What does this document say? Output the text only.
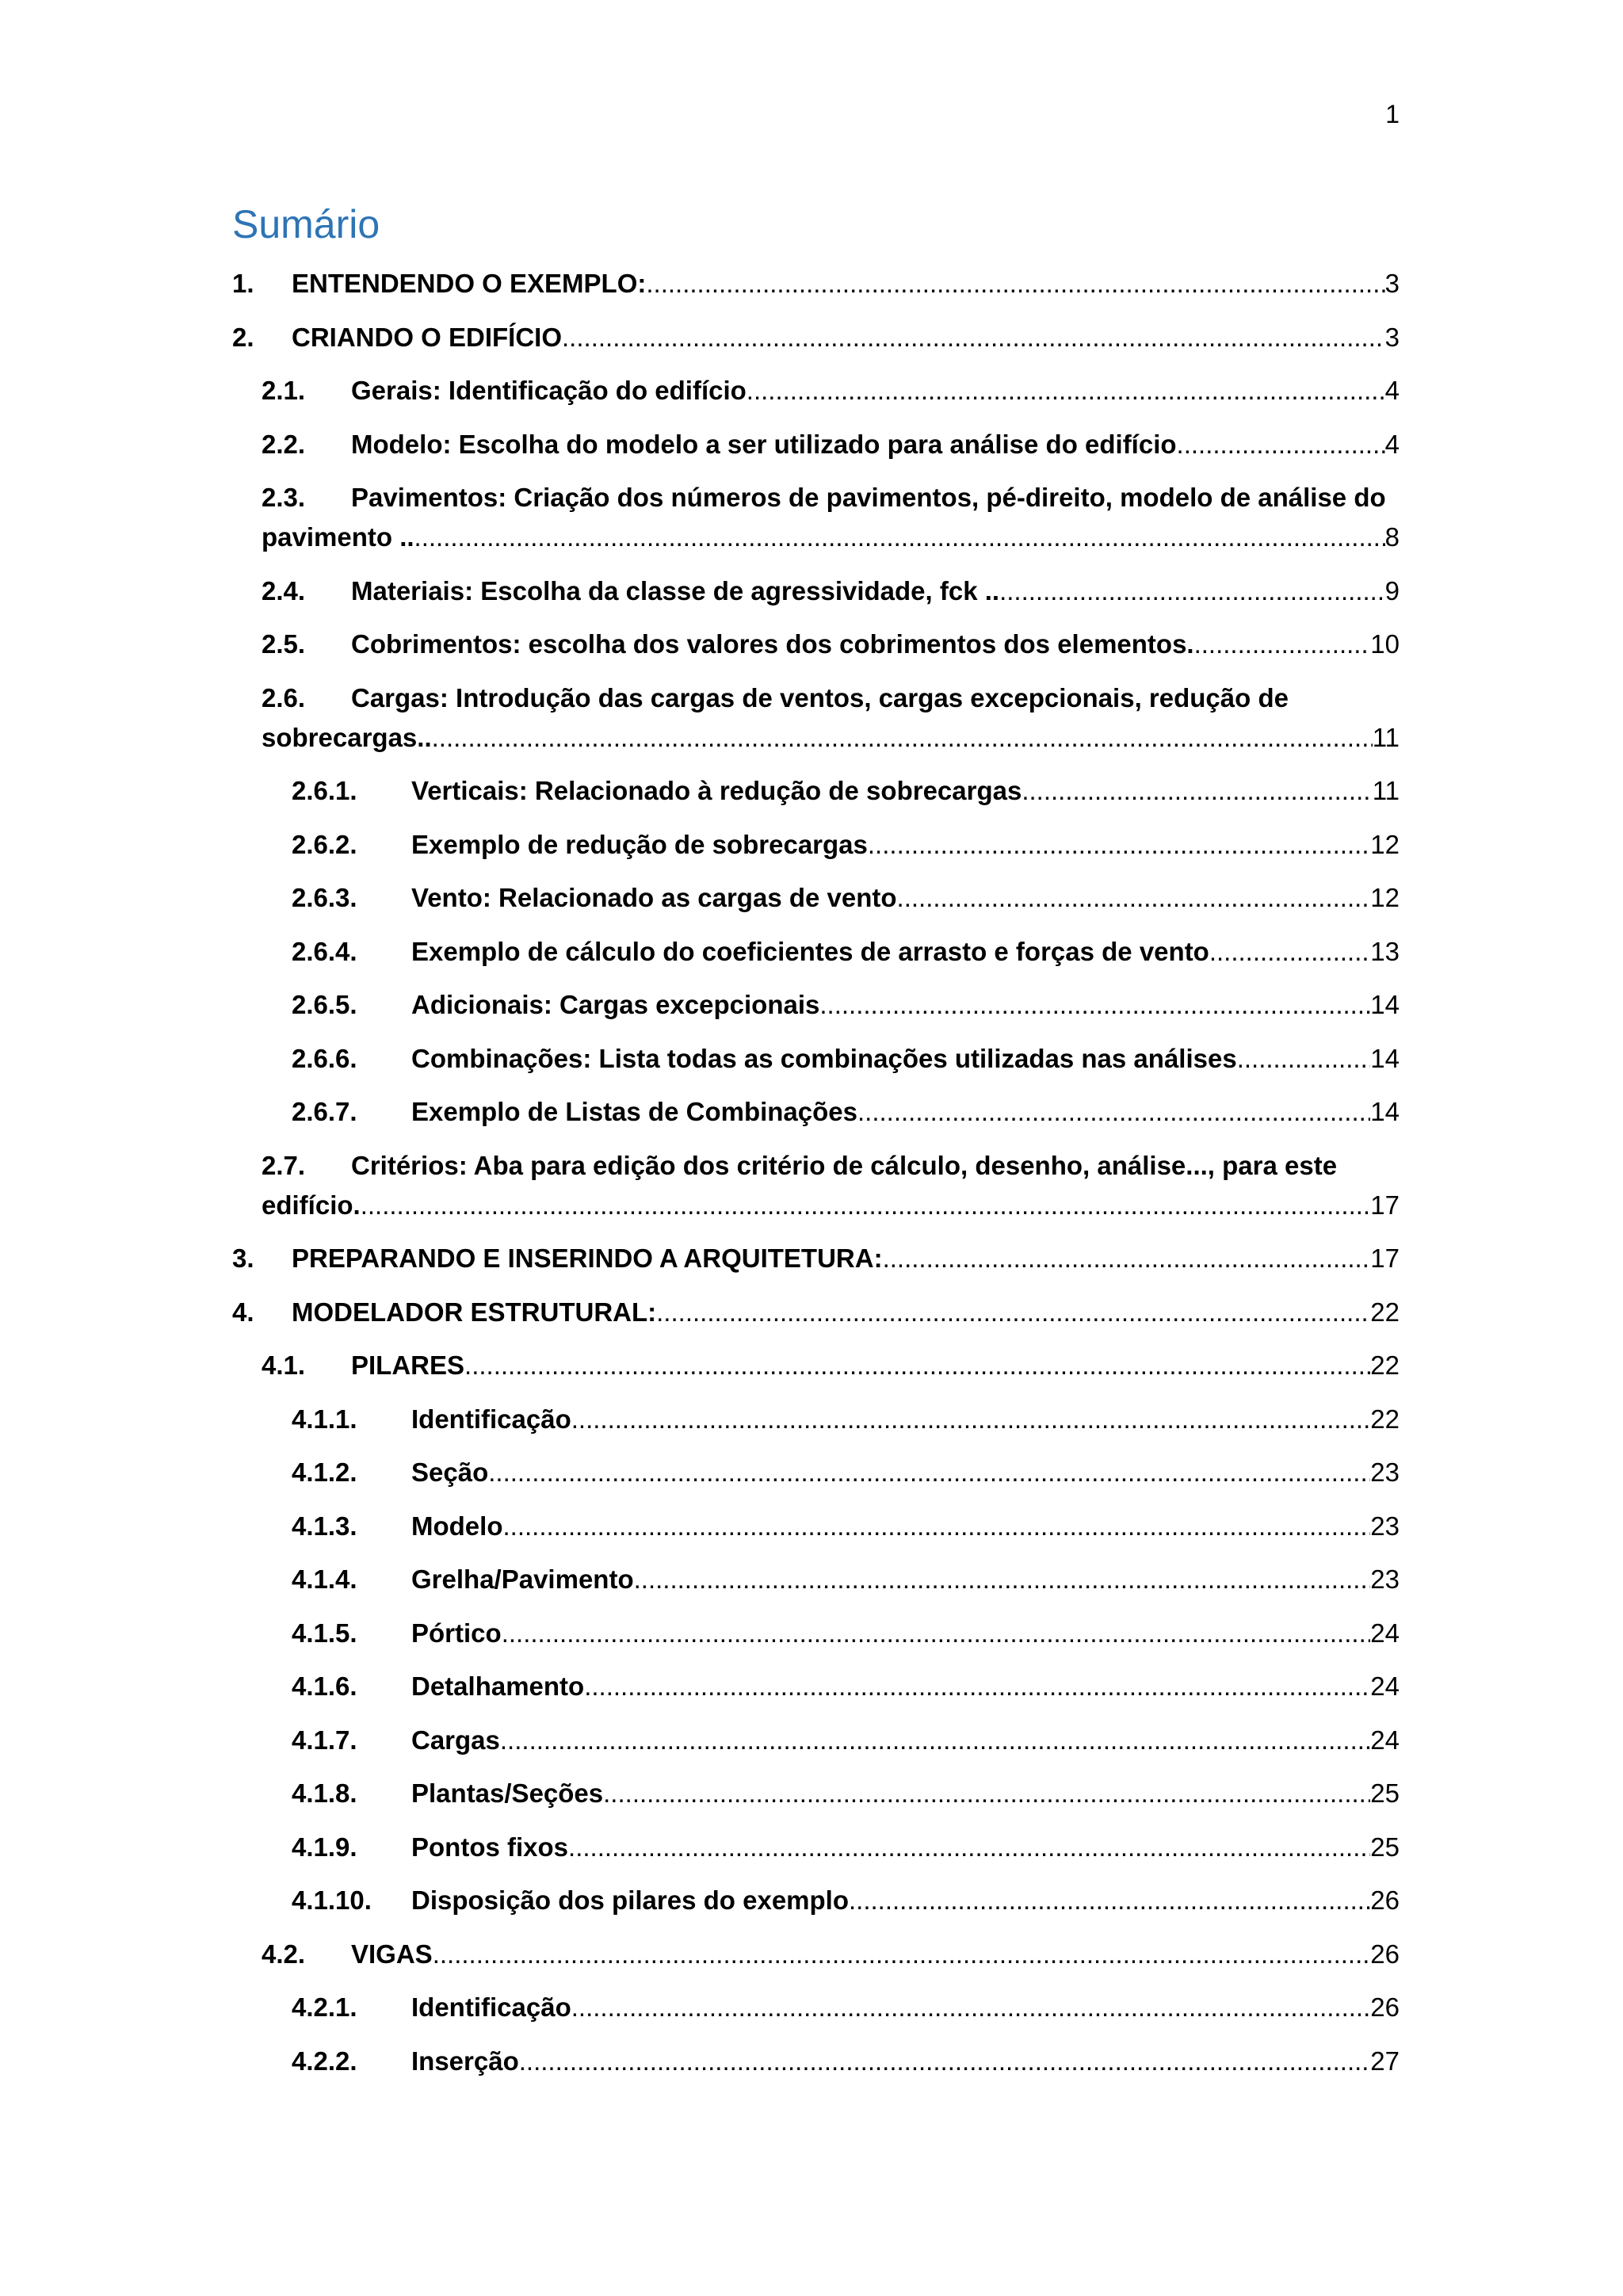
1
Sumário
1.	ENTENDENDO O EXEMPLO: .....	3
2.	CRIANDO O EDIFÍCIO .....	3
2.1.	Gerais: Identificação do edifício .....	4
2.2.	Modelo: Escolha do modelo a ser utilizado para análise do edifício .....	4
2.3. Pavimentos: Criação dos números de pavimentos, pé-direito, modelo de análise do
pavimento .. .....	8
2.4.	Materiais: Escolha da classe de agressividade, fck .. .....	9
2.5.	Cobrimentos: escolha dos valores dos cobrimentos dos elementos. .....	10
2.6. Cargas: Introdução das cargas de ventos, cargas excepcionais, redução de
sobrecargas.. .....	11
2.6.1.	Verticais: Relacionado à redução de sobrecargas .....	11
2.6.2.	Exemplo de redução de sobrecargas .....	12
2.6.3.	Vento: Relacionado as cargas de vento .....	12
2.6.4.	Exemplo de cálculo do coeficientes de arrasto e forças de vento .....	13
2.6.5.	Adicionais: Cargas excepcionais .....	14
2.6.6.	Combinações: Lista todas as combinações utilizadas nas análises .....	14
2.6.7.	Exemplo de Listas de Combinações .....	14
2.7. Critérios: Aba para edição dos critério de cálculo, desenho, análise..., para este
edifício. .....	17
3.	PREPARANDO E INSERINDO A ARQUITETURA: .....	17
4.	MODELADOR ESTRUTURAL: .....	22
4.1.	PILARES .....	22
4.1.1.	Identificação .....	22
4.1.2.	Seção .....	23
4.1.3.	Modelo .....	23
4.1.4.	Grelha/Pavimento .....	23
4.1.5.	Pórtico .....	24
4.1.6.	Detalhamento .....	24
4.1.7.	Cargas .....	24
4.1.8.	Plantas/Seções .....	25
4.1.9.	Pontos fixos .....	25
4.1.10.	Disposição dos pilares do exemplo .....	26
4.2.	VIGAS .....	26
4.2.1.	Identificação .....	26
4.2.2.	Inserção .....	27
